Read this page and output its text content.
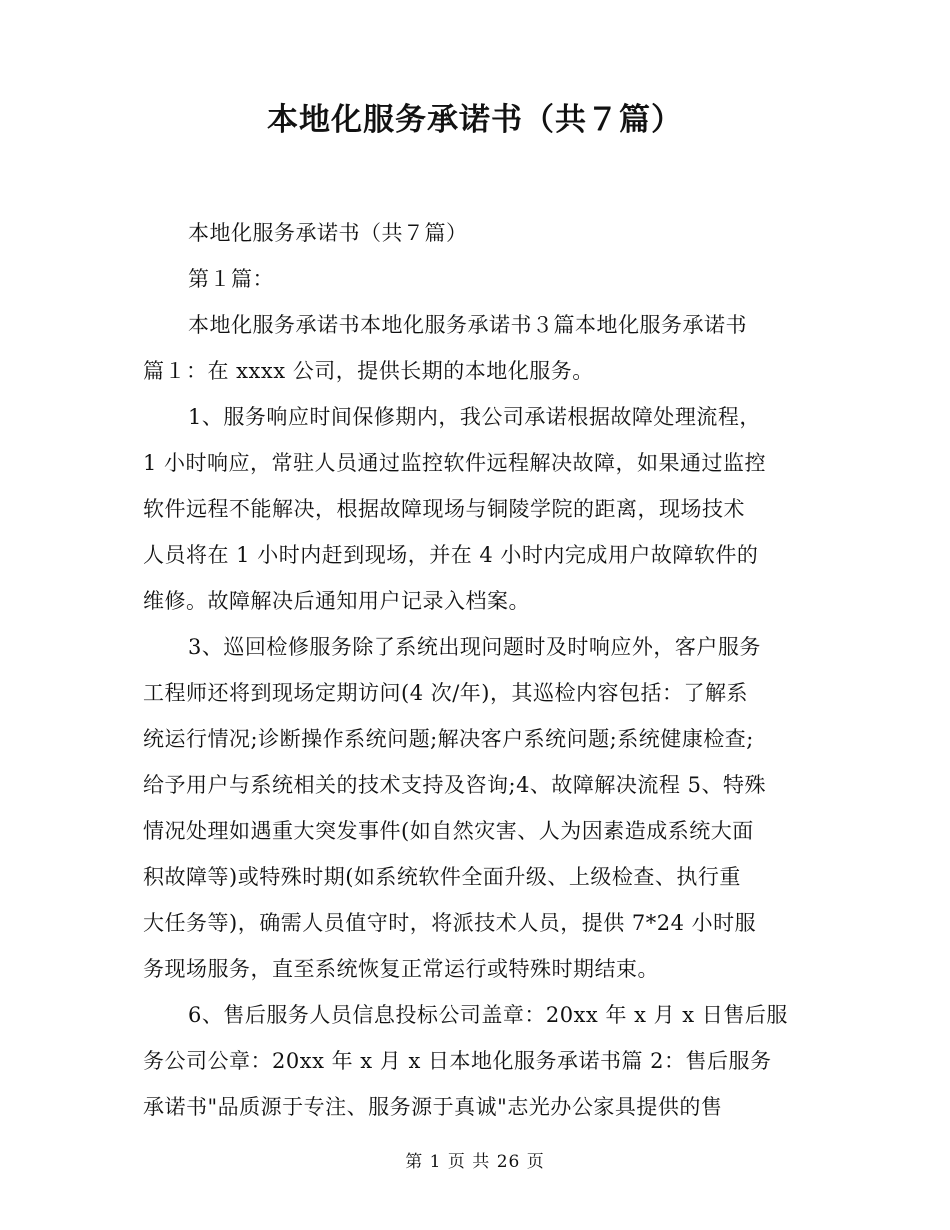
本地化服务承诺书（共７篇）
本地化服务承诺书（共７篇）
第１篇：
本地化服务承诺书本地化服务承诺书３篇本地化服务承诺书
篇１：在 xxxx 公司，提供长期的本地化服务。
1、服务响应时间保修期内，我公司承诺根据故障处理流程，
1 小时响应，常驻人员通过监控软件远程解决故障，如果通过监控
软件远程不能解决，根据故障现场与铜陵学院的距离，现场技术
人员将在 1 小时内赶到现场，并在 4 小时内完成用户故障软件的
维修。故障解决后通知用户记录入档案。
3、巡回检修服务除了系统出现问题时及时响应外，客户服务
工程师还将到现场定期访问(4 次/年)，其巡检内容包括：了解系
统运行情况;诊断操作系统问题;解决客户系统问题;系统健康检查;
给予用户与系统相关的技术支持及咨询;4、故障解决流程 5、特殊
情况处理如遇重大突发事件(如自然灾害、人为因素造成系统大面
积故障等)或特殊时期(如系统软件全面升级、上级检查、执行重
大任务等)，确需人员值守时，将派技术人员，提供 7*24 小时服
务现场服务，直至系统恢复正常运行或特殊时期结束。
6、售后服务人员信息投标公司盖章：20xx 年 x 月 x 日售后服
务公司公章：20xx 年 x 月 x 日本地化服务承诺书篇 2：售后服务
承诺书"品质源于专注、服务源于真诚"志光办公家具提供的售
第 1 页 共 26 页
